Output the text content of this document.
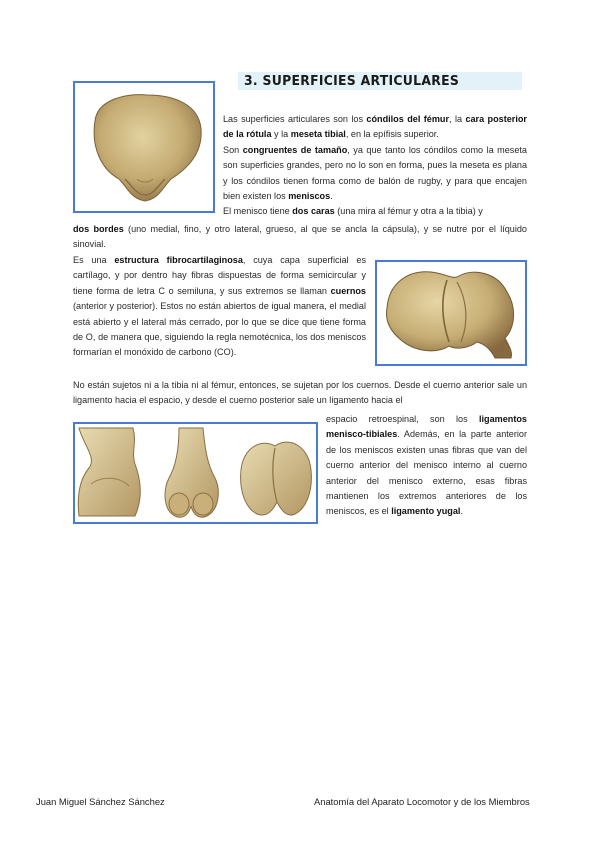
3. SUPERFICIES ARTICULARES

Las superficies articulares son los cóndilos del fémur, la cara posterior de la rótula y la meseta tibial, en la epífisis superior.

Son congruentes de tamaño, ya que tanto los cóndilos como la meseta son superficies grandes, pero no lo son en forma, pues la meseta es plana y los cóndilos tienen forma como de balón de rugby, y para que encajen bien existen los meniscos.

El menisco tiene dos caras (una mira al fémur y otra a la tibia) y

dos bordes (uno medial, fino, y otro lateral, grueso, al que se ancla la cápsula), y se nutre por el líquido sinovial.

Es una estructura fibrocartilaginosa, cuya capa superficial es cartílago, y por dentro hay fibras dispuestas de forma semicircular y tiene forma de letra C o semiluna, y sus extremos se llaman cuernos (anterior y posterior). Estos no están abiertos de igual manera, el medial está abierto y el lateral más cerrado, por lo que se dice que tiene forma de O, de manera que, siguiendo la regla nemotécnica, los dos meniscos formarían el monóxido de carbono (CO).

No están sujetos ni a la tibia ni al fémur, entonces, se sujetan por los cuernos. Desde el cuerno anterior sale un ligamento hacia el espacio, y desde el cuerno posterior sale un ligamento hacia el

espacio retroespinal, son los ligamentos menisco-tibiales. Además, en la parte anterior de los meniscos existen unas fibras que van del cuerno anterior del menisco interno al cuerno anterior del menisco externo, esas fibras mantienen los extremos anteriores de los meniscos, es el ligamento yugal.

Juan Miguel Sánchez Sánchez	Anatomía del Aparato Locomotor y de los Miembros
